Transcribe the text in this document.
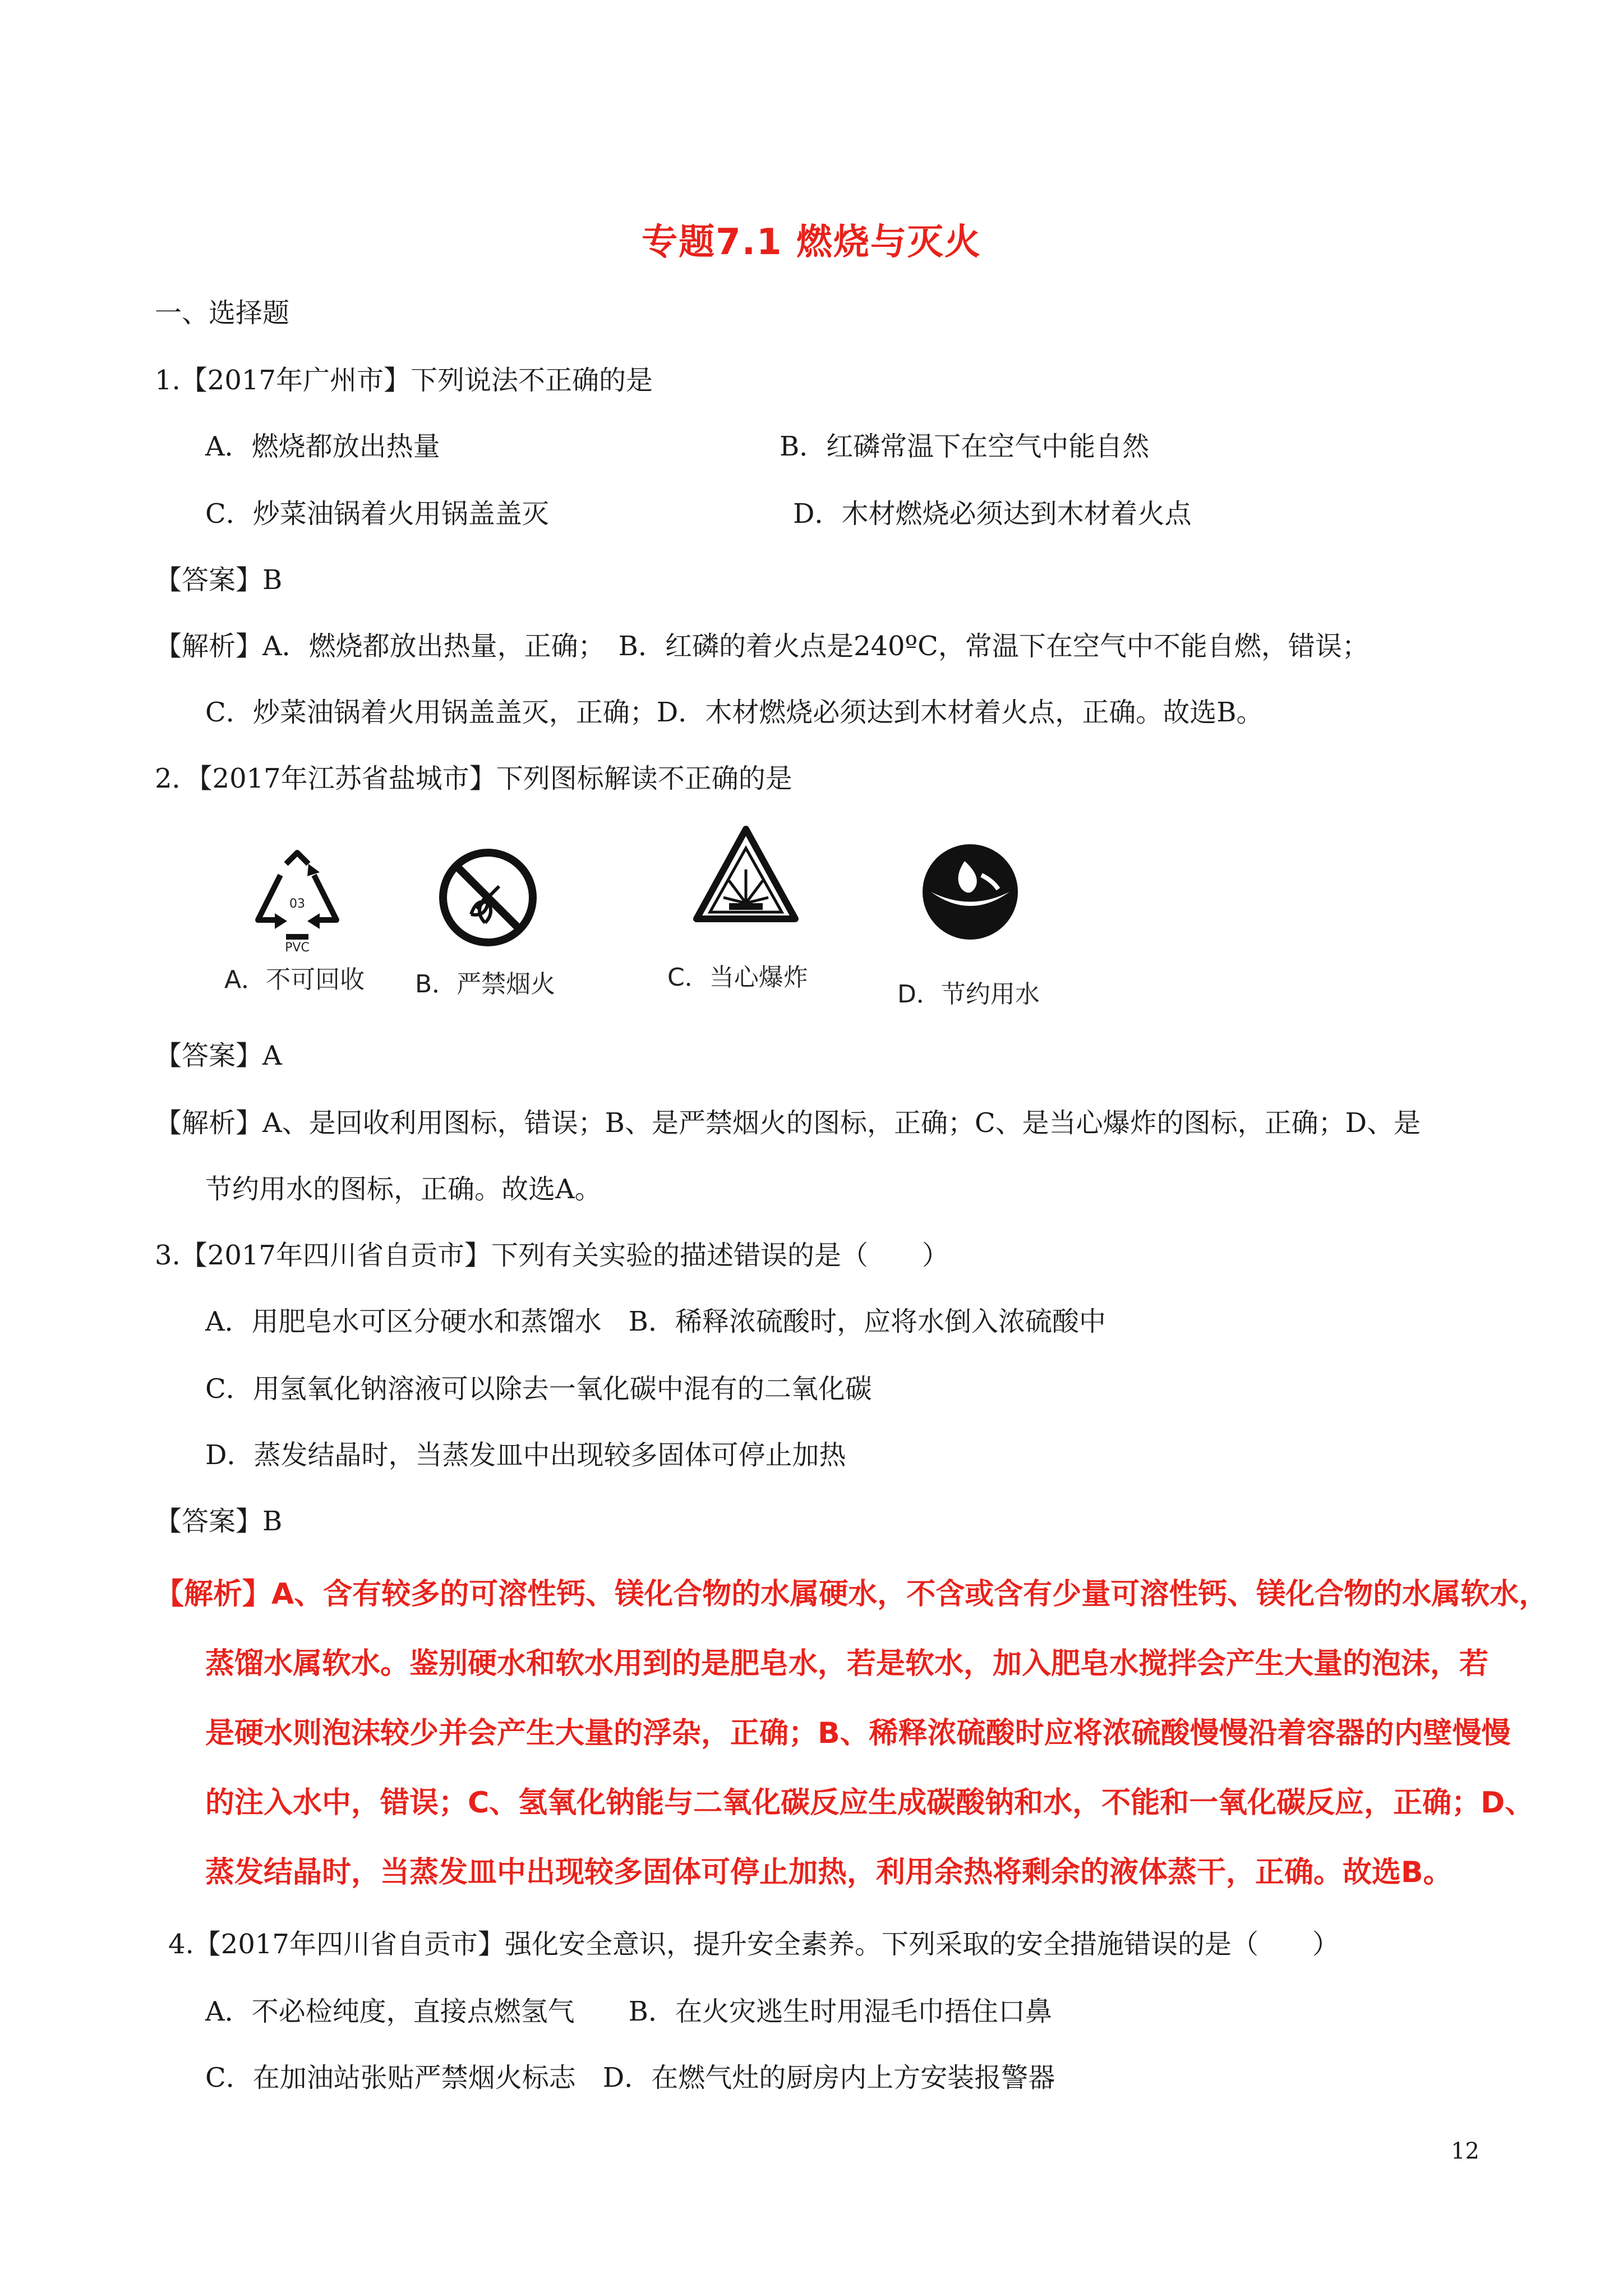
专题7.1 燃烧与灭火
一、选择题
1.【2017年广州市】下列说法不正确的是
A．燃烧都放出热量	B．红磷常温下在空气中能自然
C．炒菜油锅着火用锅盖盖灭	D．木材燃烧必须达到木材着火点
【答案】B
【解析】A．燃烧都放出热量，正确；　B．红磷的着火点是240ºC，常温下在空气中不能自燃，错误；
C．炒菜油锅着火用锅盖盖灭，正确；D．木材燃烧必须达到木材着火点，正确。故选B。
2．【2017年江苏省盐城市】下列图标解读不正确的是
03
PVC
A．不可回收 B．严禁烟火	C．当心爆炸
D．节约用水
【答案】A
【解析】A、是回收利用图标，错误；B、是严禁烟火的图标，正确；C、是当心爆炸的图标，正确；D、是
节约用水的图标，正确。故选A。
3.【2017年四川省自贡市】下列有关实验的描述错误的是（　　）
A．用肥皂水可区分硬水和蒸馏水　B．稀释浓硫酸时，应将水倒入浓硫酸中
C．用氢氧化钠溶液可以除去一氧化碳中混有的二氧化碳
D．蒸发结晶时，当蒸发皿中出现较多固体可停止加热
【答案】B
【解析】A、含有较多的可溶性钙、镁化合物的水属硬水，不含或含有少量可溶性钙、镁化合物的水属软水，
蒸馏水属软水。鉴别硬水和软水用到的是肥皂水，若是软水，加入肥皂水搅拌会产生大量的泡沫，若
是硬水则泡沫较少并会产生大量的浮杂，正确；B、稀释浓硫酸时应将浓硫酸慢慢沿着容器的内壁慢慢
的注入水中，错误；C、氢氧化钠能与二氧化碳反应生成碳酸钠和水，不能和一氧化碳反应，正确；D、
蒸发结晶时，当蒸发皿中出现较多固体可停止加热，利用余热将剩余的液体蒸干，正确。故选B。
4.【2017年四川省自贡市】强化安全意识，提升安全素养。下列采取的安全措施错误的是（　　）
A．不必检纯度，直接点燃氢气　　B．在火灾逃生时用湿毛巾捂住口鼻
C．在加油站张贴严禁烟火标志　D．在燃气灶的厨房内上方安装报警器
12
